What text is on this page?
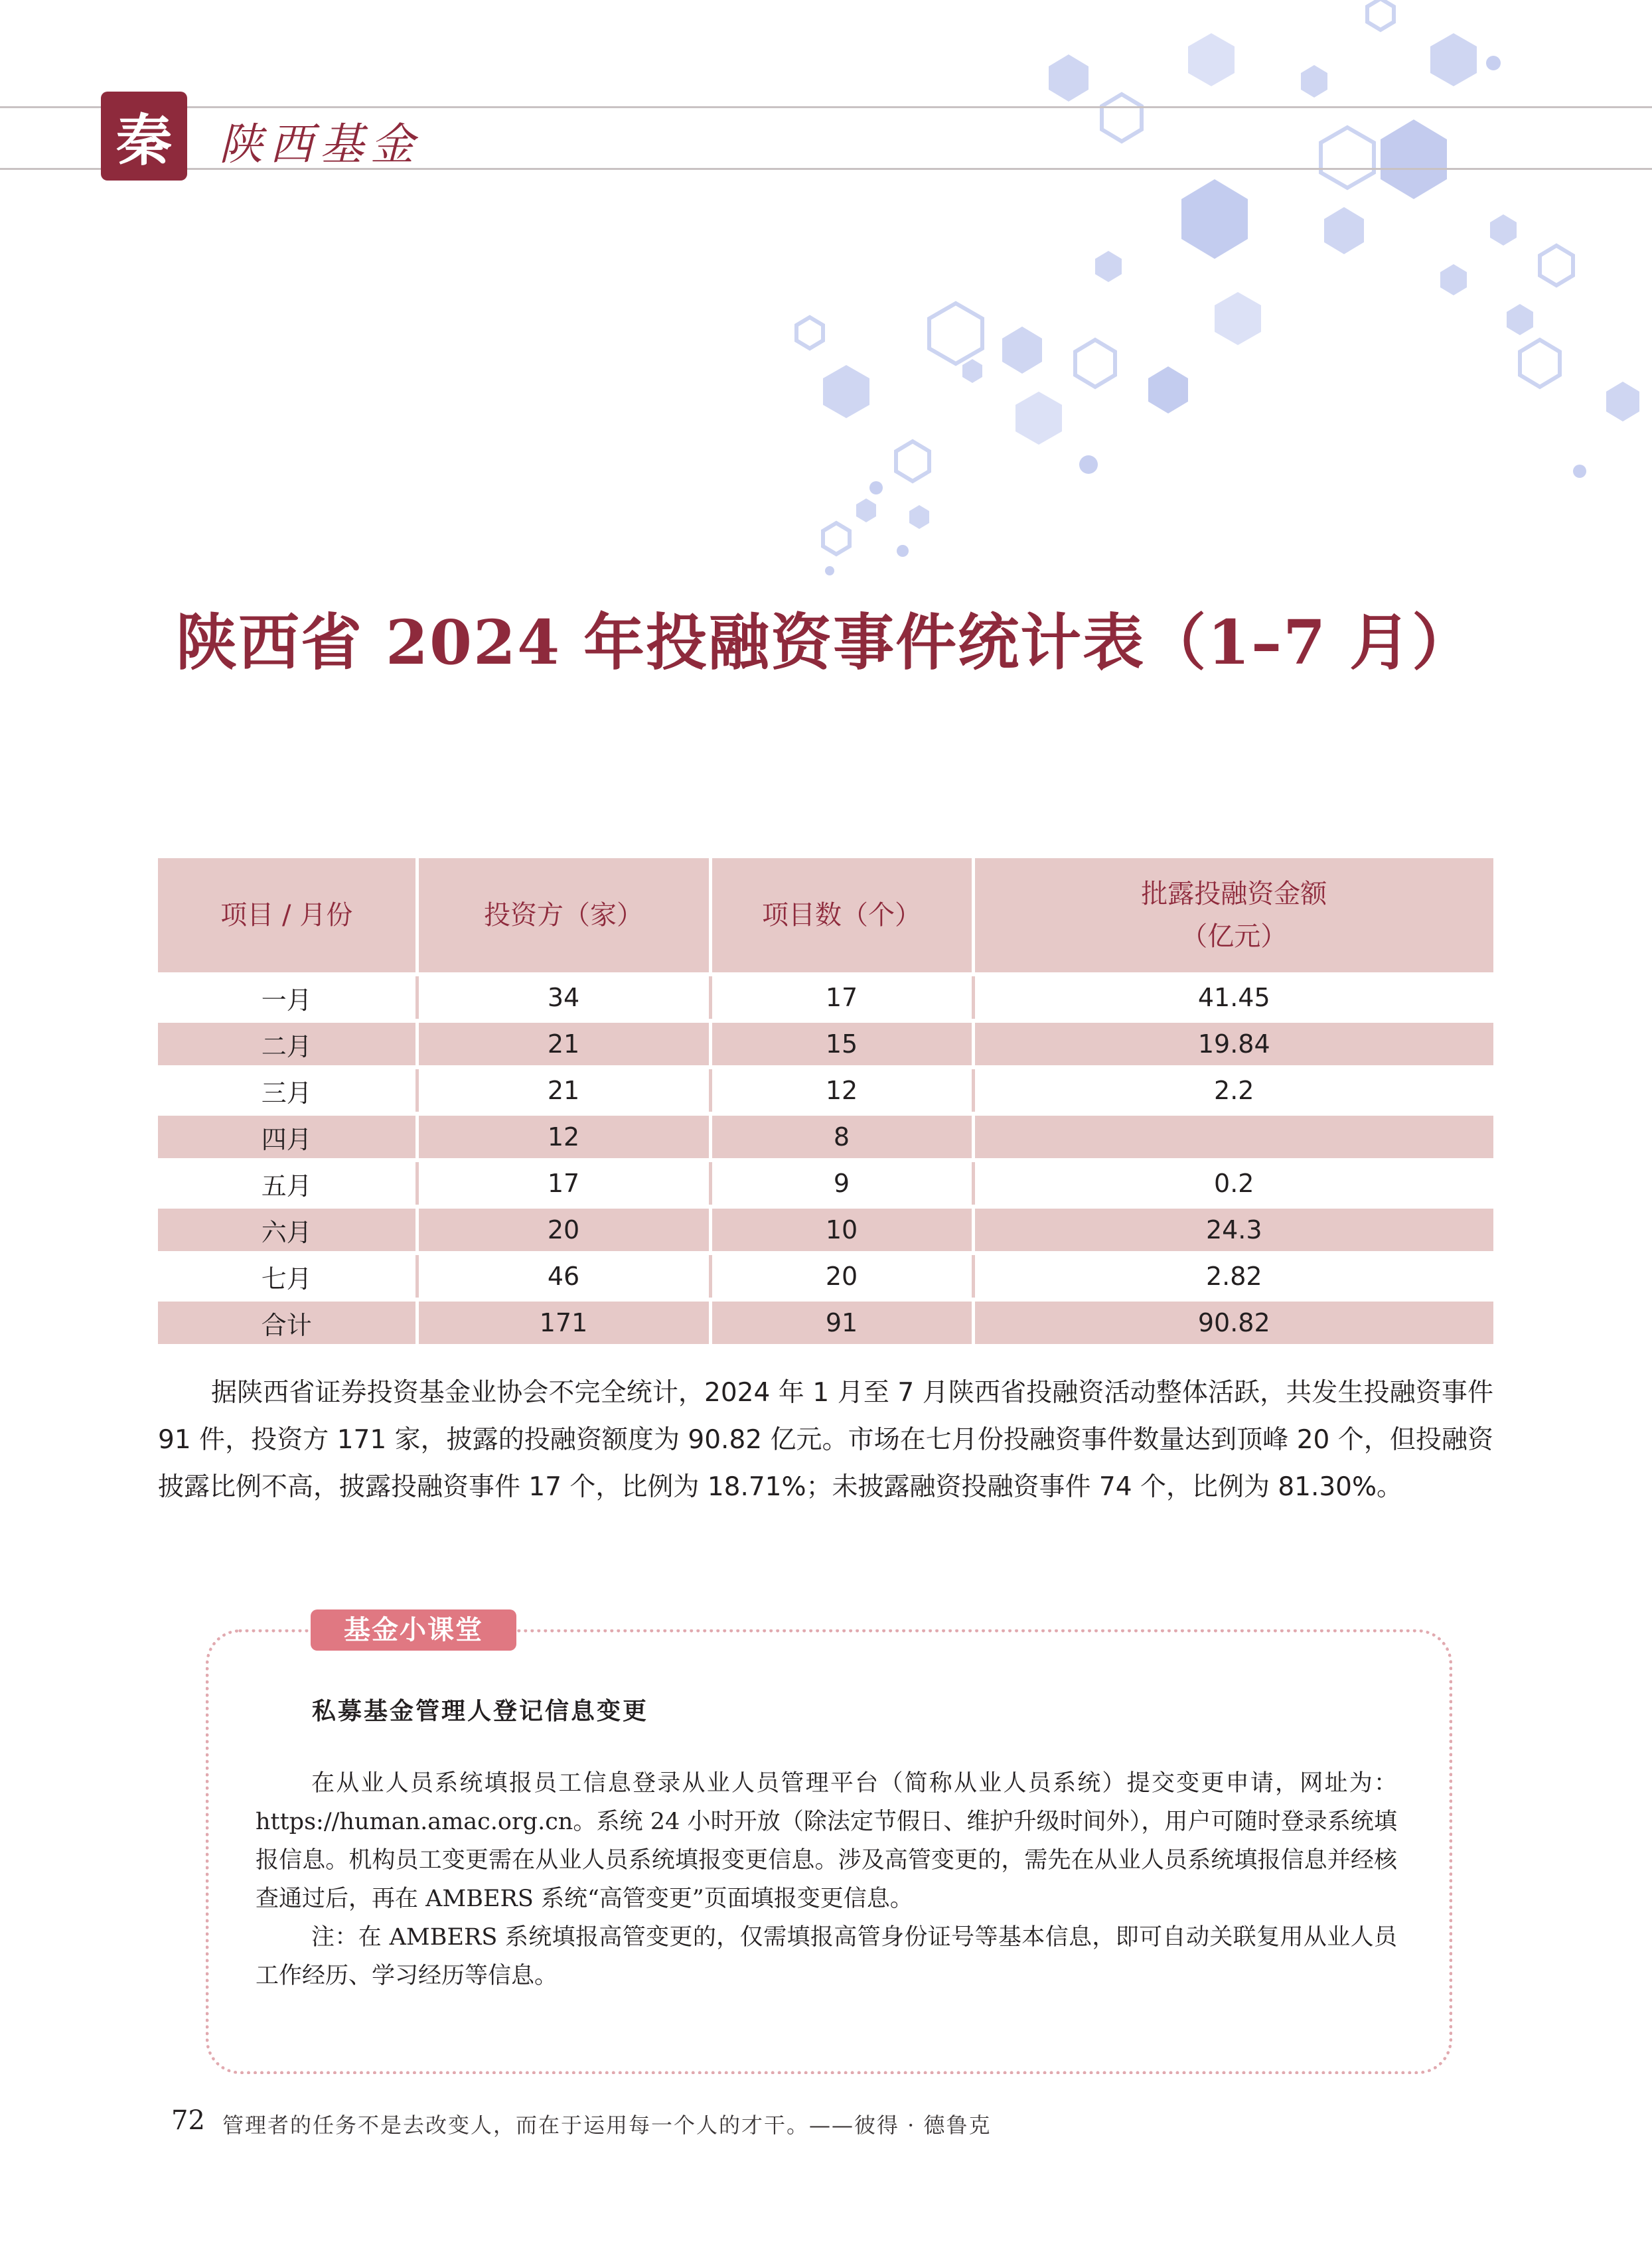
秦 陕西基金
陕西省 2024 年投融资事件统计表（1–7 月）
项目 / 月份	投资方（家）	项目数（个）	批露投融资金额
（亿元）
一月	34	17	41.45
二月	21	15	19.84
三月	21	12	2.2
四月	12	8	
五月	17	9	0.2
六月	20	10	24.3
七月	46	20	2.82
合计	171	91	90.82

据陕西省证券投资基金业协会不完全统计，2024 年 1 月至 7 月陕西省投融资活动整体活跃，共发生投融资事件 91 件，投资方 171 家，披露的投融资额度为 90.82 亿元。市场在七月份投融资事件数量达到顶峰 20 个，但投融资披露比例不高，披露投融资事件 17 个，比例为 18.71%；未披露融资投融资事件 74 个，比例为 81.30%。

基金小课堂
私募基金管理人登记信息变更

在从业人员系统填报员工信息登录从业人员管理平台（简称从业人员系统）提交变更申请，网址为：https://human.amac.org.cn。系统 24 小时开放（除法定节假日、维护升级时间外），用户可随时登录系统填报信息。机构员工变更需在从业人员系统填报变更信息。涉及高管变更的，需先在从业人员系统填报信息并经核查通过后，再在 AMBERS 系统“高管变更”页面填报变更信息。

注：在 AMBERS 系统填报高管变更的，仅需填报高管身份证号等基本信息，即可自动关联复用从业人员工作经历、学习经历等信息。

72 管理者的任务不是去改变人，而在于运用每一个人的才干。——彼得 · 德鲁克
